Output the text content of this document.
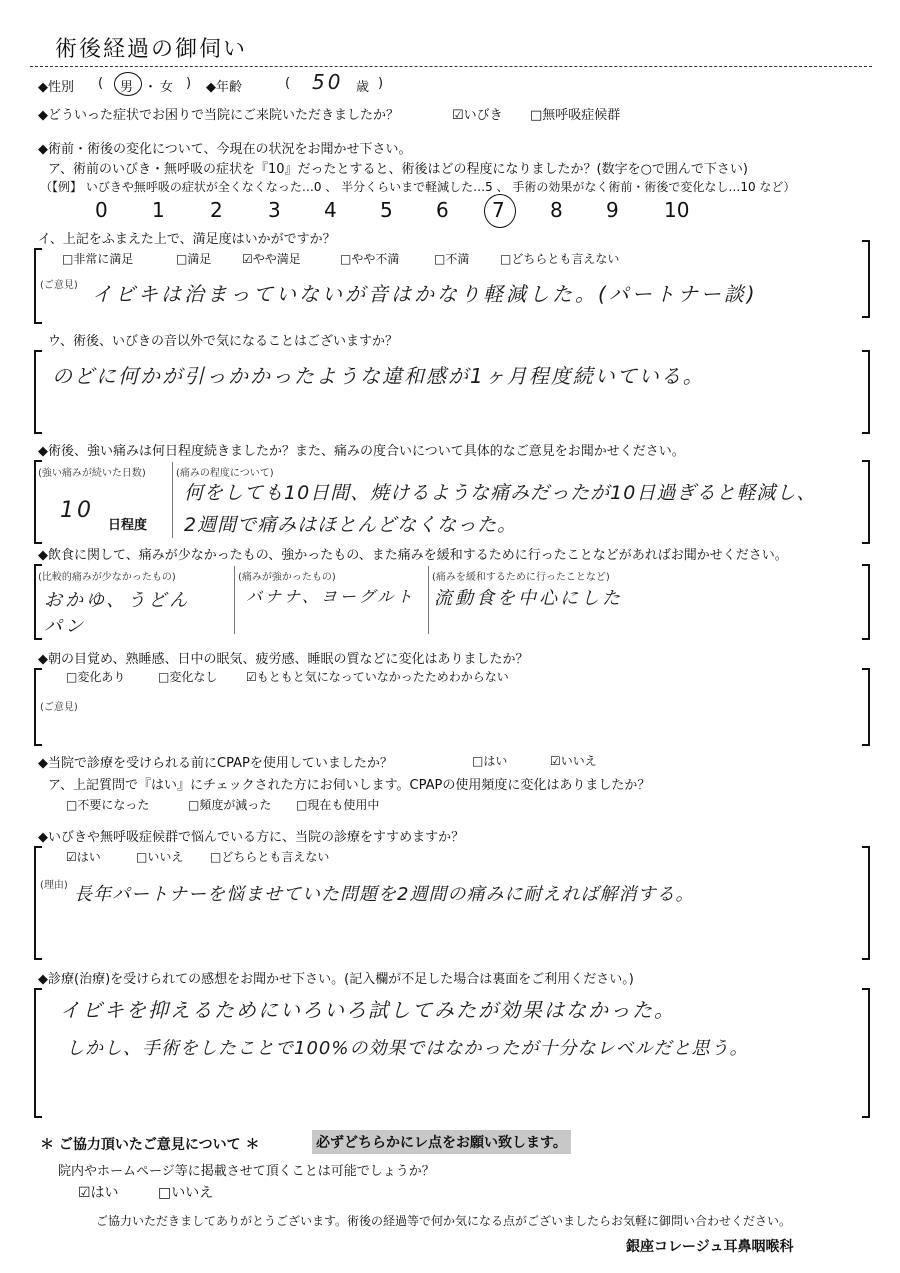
術後経過の御伺い
◆性別 ( 男 ・ 女 ) ◆年齢	( 50 歳 )
◆どういった症状でお困りで当院にご来院いただきましたか？	☑いびき □無呼吸症候群
◆術前・術後の変化について、今現在の状況をお聞かせ下さい。
ア、術前のいびき・無呼吸の症状を『10』だったとすると、術後はどの程度になりましたか？(数字を○で囲んで下さい)
（【例】 いびきや無呼吸の症状が全くなくなった…0 、 半分くらいまで軽減した…5 、 手術の効果がなく術前・術後で変化なし…10 など）
0 1 2 3 4 5 6 7 8 9 10
イ、上記をふまえた上で、満足度はいかがですか？
□非常に満足	□満足	☑やや満足	□やや不満	□不満	□どちらとも言えない
(ご意見) イビキは治まっていないが音はかなり軽減した。(パートナー談)
ウ、術後、いびきの音以外で気になることはございますか？
のどに何かが引っかかったような違和感が1ヶ月程度続いている。
◆術後、強い痛みは何日程度続きましたか？また、痛みの度合いについて具体的なご意見をお聞かせください。
(強い痛みが続いた日数)
10
日程度
(痛みの程度について)
何をしても10日間、焼けるような痛みだったが10日過ぎると軽減し、
2週間で痛みはほとんどなくなった。
◆飲食に関して、痛みが少なかったもの、強かったもの、また痛みを緩和するために行ったことなどがあればお聞かせください。
(比較的痛みが少なかったもの)
おかゆ、うどん
パン
(痛みが強かったもの)
バナナ、ヨーグルト
(痛みを緩和するために行ったことなど)
流動食を中心にした
◆朝の目覚め、熟睡感、日中の眠気、疲労感、睡眠の質などに変化はありましたか？
□変化あり	□変化なし ☑もともと気になっていなかったためわからない
(ご意見)
◆当院で診療を受けられる前にCPAPを使用していましたか？	□はい	☑いいえ
ア、上記質問で『はい』にチェックされた方にお伺いします。CPAPの使用頻度に変化はありましたか？
□不要になった	□頻度が減った □現在も使用中
◆いびきや無呼吸症候群で悩んでいる方に、当院の診療をすすめますか？
☑はい	□いいえ □どちらとも言えない
(理由) 長年パートナーを悩ませていた問題を2週間の痛みに耐えれば解消する。
◆診療(治療)を受けられての感想をお聞かせ下さい。(記入欄が不足した場合は裏面をご利用ください。)
イビキを抑えるためにいろいろ試してみたが効果はなかった。
しかし、手術をしたことで100%の効果ではなかったが十分なレベルだと思う。
＊ ご協力頂いたご意見について ＊	必ずどちらかにレ点をお願い致します。
院内やホームページ等に掲載させて頂くことは可能でしょうか？
☑はい	□いいえ
ご協力いただきましてありがとうございます。術後の経過等で何か気になる点がございましたらお気軽に御問い合わせください。
銀座コレージュ耳鼻咽喉科
